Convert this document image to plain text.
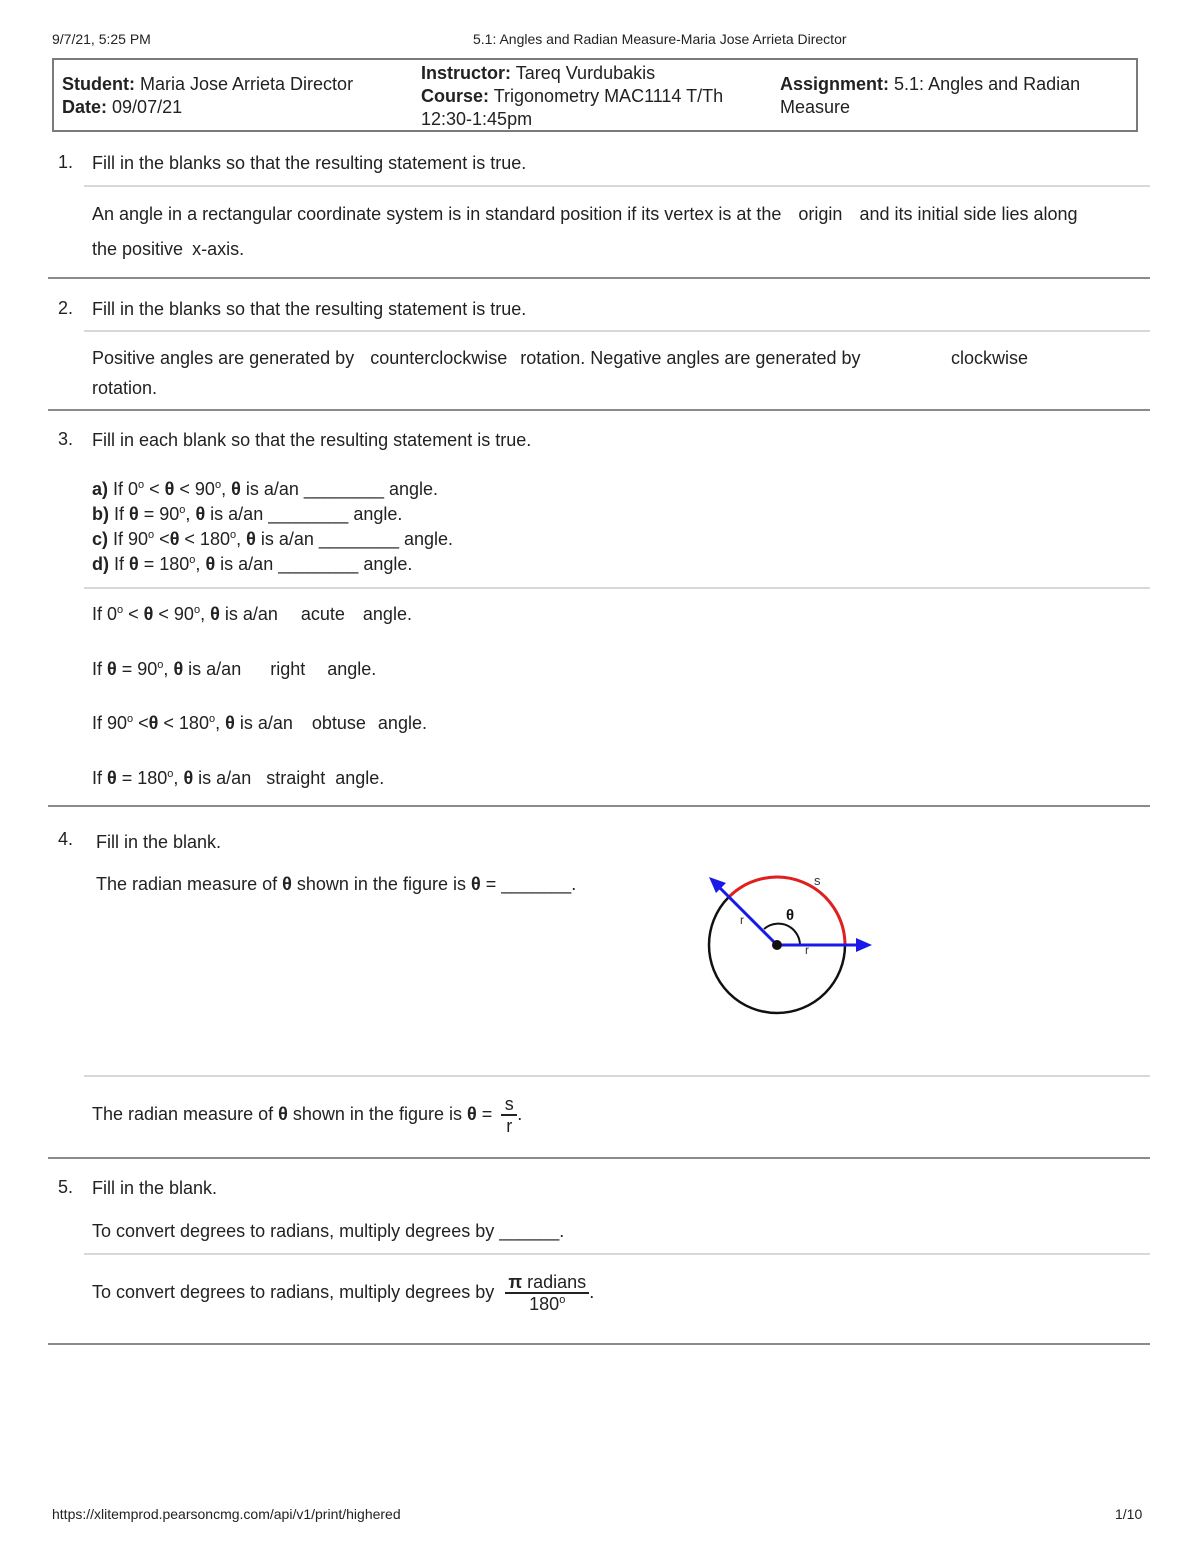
9/7/21, 5:25 PM	5.1: Angles and Radian Measure-Maria Jose Arrieta Director
Student: Maria Jose Arrieta Director
Date: 09/07/21
Instructor: Tareq Vurdubakis
Course: Trigonometry MAC1114 T/Th
12:30-1:45pm
Assignment: 5.1: Angles and Radian
Measure
1. Fill in the blanks so that the resulting statement is true.
An angle in a rectangular coordinate system is in standard position if its vertex is at the origin and its initial side lies along
the positive x-axis.
2. Fill in the blanks so that the resulting statement is true.
Positive angles are generated by counterclockwise rotation. Negative angles are generated by	clockwise
rotation.
3. Fill in each blank so that the resulting statement is true.
a) If $0^o < \theta < 90^o$, θ is a/an ________ angle.
b) If $\theta = 90^o$, θ is a/an ________ angle.
c) If $90^o <\theta < 180^o$, θ is a/an ________ angle.
d) If $\theta = 180^o$, θ is a/an ________ angle.
If $0^o < \theta < 90^o$, θ is a/an acute angle.
If $\theta = 90^o$, θ is a/an right angle.
If $90^o <\theta < 180^o$, θ is a/an obtuse angle.
If $\theta = 180^o$, θ is a/an straight angle.
4. Fill in the blank.
The radian measure of θ shown in the figure is θ = _______.	s
θ
r
r
The radian measure of θ shown in the figure is $\theta = \frac{s}{r}$ .
5. Fill in the blank.
To convert degrees to radians, multiply degrees by ______.
To convert degrees to radians, multiply degrees by $\frac{\text{π radians}}{180^o}$ .
https://xlitemprod.pearsoncmg.com/api/v1/print/highered	1/10
